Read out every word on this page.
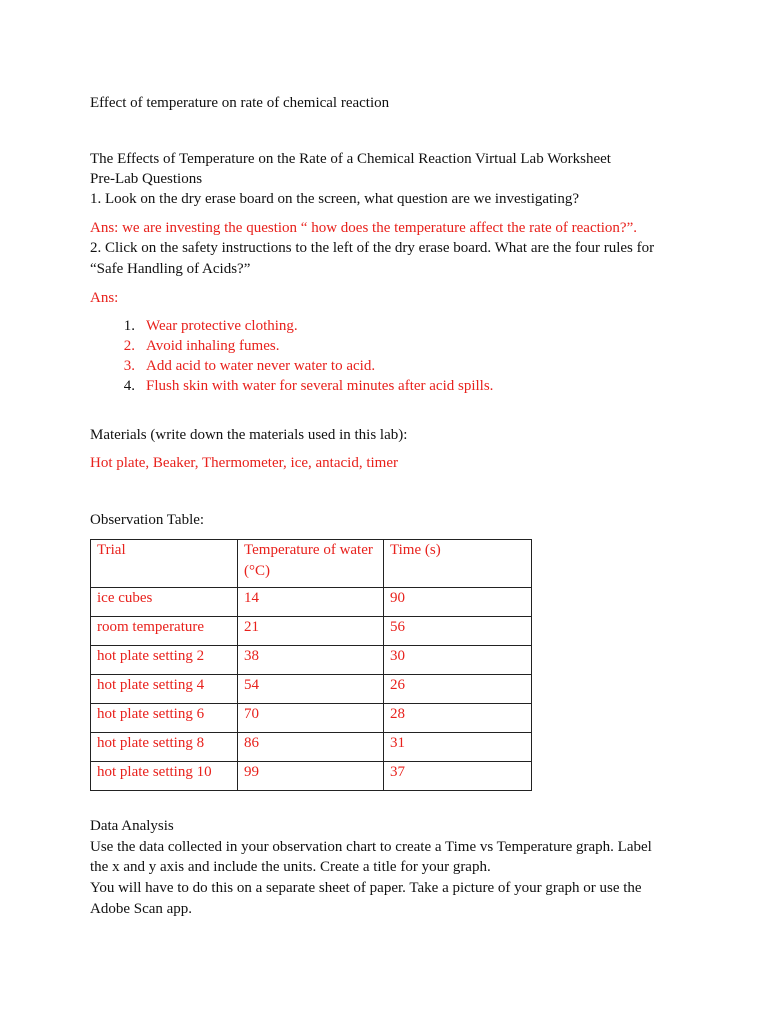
Effect of temperature on rate of chemical reaction
The Effects of Temperature on the Rate of a Chemical Reaction Virtual Lab Worksheet
Pre-Lab Questions
1. Look on the dry erase board on the screen, what question are we investigating?
Ans: we are investing the question “ how does the temperature affect the rate of reaction?”.
2. Click on the safety instructions to the left of the dry erase board. What are the four rules for
“Safe Handling of Acids?”
Ans:
1. Wear protective clothing.
2. Avoid inhaling fumes.
3. Add acid to water never water to acid.
4. Flush skin with water for several minutes after acid spills.
Materials (write down the materials used in this lab):
Hot plate, Beaker, Thermometer, ice, antacid, timer
Observation Table:
Trial	Temperature of water (°C)	Time (s)
ice cubes	14	90
room temperature	21	56
hot plate setting 2	38	30
hot plate setting 4	54	26
hot plate setting 6	70	28
hot plate setting 8	86	31
hot plate setting 10	99	37
Data Analysis
Use the data collected in your observation chart to create a Time vs Temperature graph. Label
the x and y axis and include the units. Create a title for your graph.
You will have to do this on a separate sheet of paper. Take a picture of your graph or use the
Adobe Scan app.
